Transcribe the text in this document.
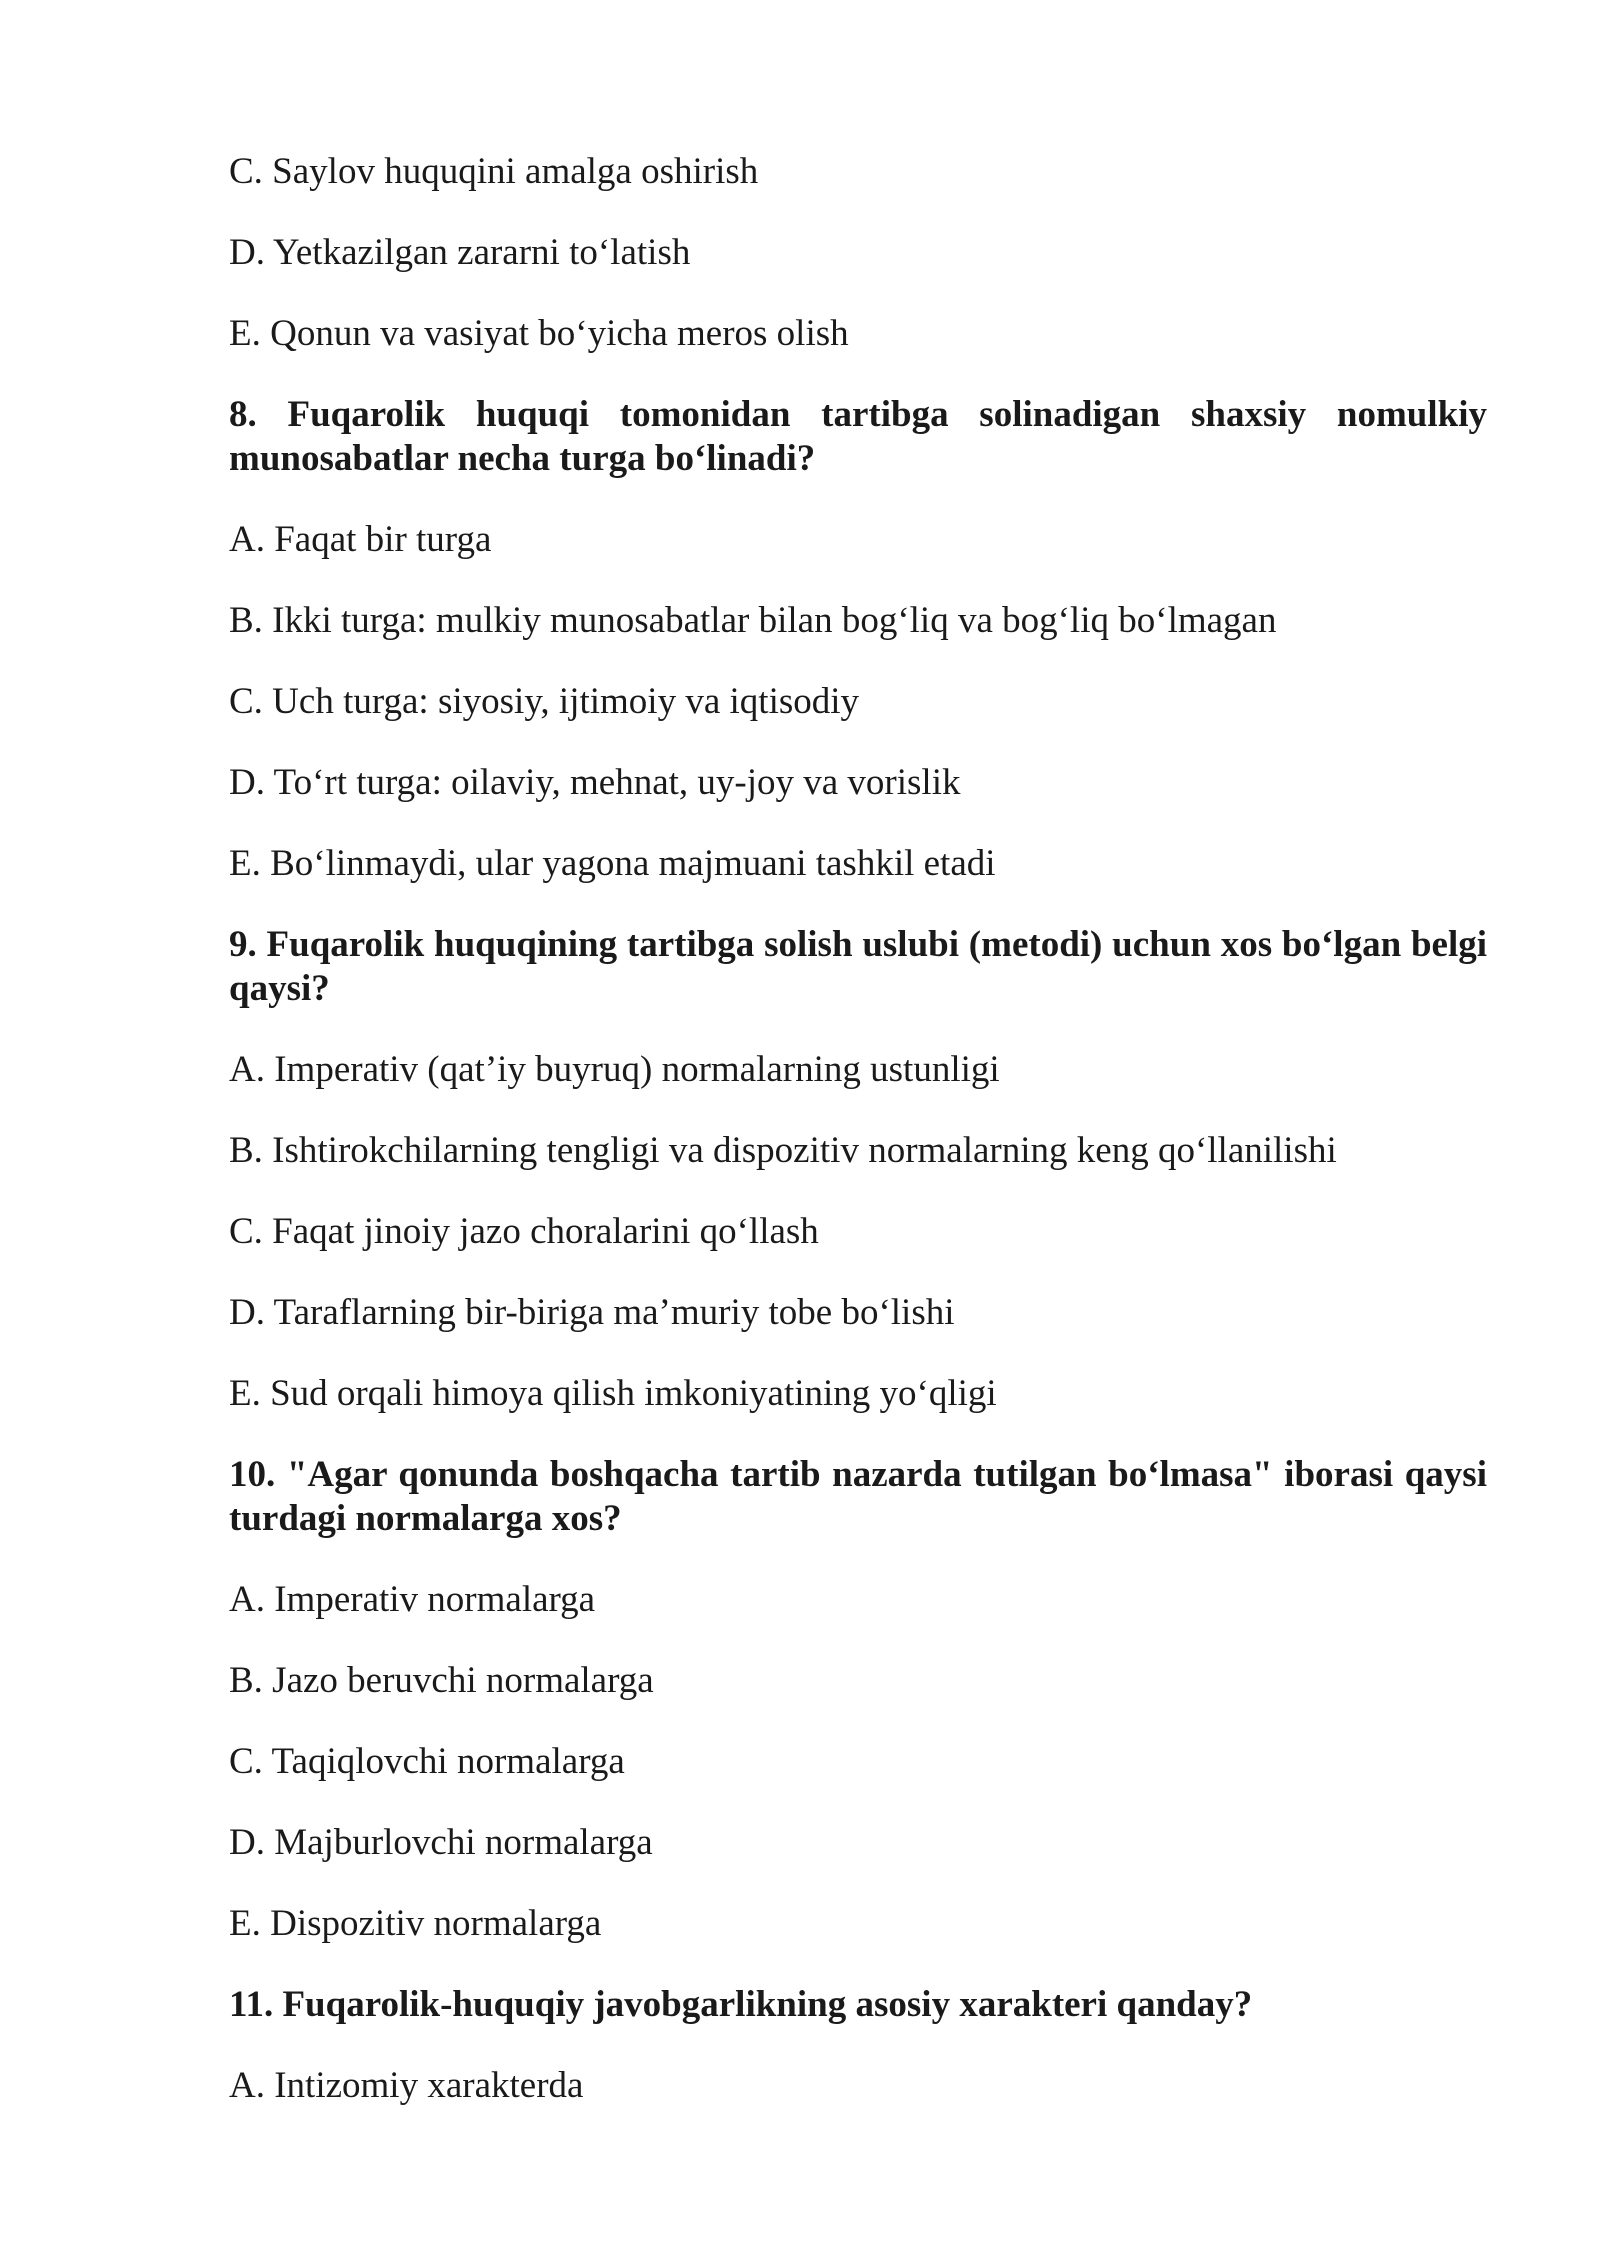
C. Saylov huquqini amalga oshirish

D. Yetkazilgan zararni to‘latish

E. Qonun va vasiyat bo‘yicha meros olish

8. Fuqarolik huquqi tomonidan tartibga solinadigan shaxsiy nomulkiy
munosabatlar necha turga bo‘linadi?

A. Faqat bir turga

B. Ikki turga: mulkiy munosabatlar bilan bog‘liq va bog‘liq bo‘lmagan

C. Uch turga: siyosiy, ijtimoiy va iqtisodiy

D. To‘rt turga: oilaviy, mehnat, uy-joy va vorislik

E. Bo‘linmaydi, ular yagona majmuani tashkil etadi

9. Fuqarolik huquqining tartibga solish uslubi (metodi) uchun xos bo‘lgan belgi
qaysi?

A. Imperativ (qat’iy buyruq) normalarning ustunligi

B. Ishtirokchilarning tengligi va dispozitiv normalarning keng qo‘llanilishi

C. Faqat jinoiy jazo choralarini qo‘llash

D. Taraflarning bir-biriga ma’muriy tobe bo‘lishi

E. Sud orqali himoya qilish imkoniyatining yo‘qligi

10. "Agar qonunda boshqacha tartib nazarda tutilgan bo‘lmasa" iborasi qaysi
turdagi normalarga xos?

A. Imperativ normalarga

B. Jazo beruvchi normalarga

C. Taqiqlovchi normalarga

D. Majburlovchi normalarga

E. Dispozitiv normalarga

11. Fuqarolik-huquqiy javobgarlikning asosiy xarakteri qanday?

A. Intizomiy xarakterda
